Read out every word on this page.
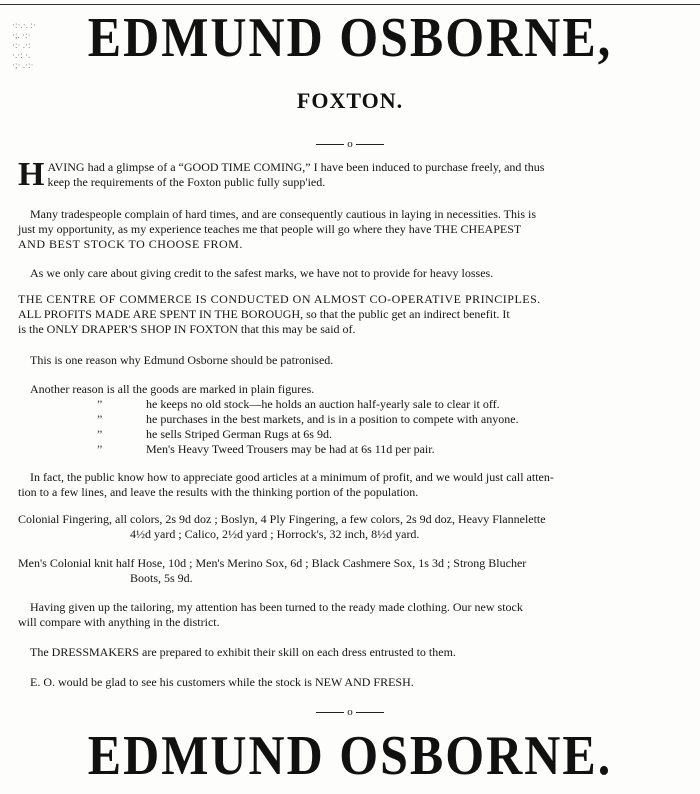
·:·.·. :·
·;. ·:·
·:· .·:
·.·: ·.
·;· .·:·	EDMUND OSBORNE,
FOXTON.
o
H AVING had a glimpse of a “GOOD TIME COMING,” I have been induced to purchase freely, and thus
keep the requirements of the Foxton public fully supp'ied.
Many tradespeople complain of hard times, and are consequently cautious in laying in necessities. This is
just my opportunity, as my experience teaches me that people will go where they have THE CHEAPEST
AND BEST STOCK TO CHOOSE FROM.
As we only care about giving credit to the safest marks, we have not to provide for heavy losses.
THE CENTRE OF COMMERCE IS CONDUCTED ON ALMOST CO-OPERATIVE PRINCIPLES.
ALL PROFITS MADE ARE SPENT IN THE BOROUGH, so that the public get an indirect benefit. It
is the ONLY DRAPER'S SHOP IN FOXTON that this may be said of.
This is one reason why Edmund Osborne should be patronised.
Another reason is all the goods are marked in plain figures.
”	he keeps no old stock—he holds an auction half-yearly sale to clear it off.
”	he purchases in the best markets, and is in a position to compete with anyone.
”	he sells Striped German Rugs at 6s 9d.
”	Men's Heavy Tweed Trousers may be had at 6s 11d per pair.
In fact, the public know how to appreciate good articles at a minimum of profit, and we would just call atten-
tion to a few lines, and leave the results with the thinking portion of the population.
Colonial Fingering, all colors, 2s 9d doz ; Boslyn, 4 Ply Fingering, a few colors, 2s 9d doz, Heavy Flannelette
4½d yard ; Calico, 2½d yard ; Horrock's, 32 inch, 8½d yard.
Men's Colonial knit half Hose, 10d ; Men's Merino Sox, 6d ; Black Cashmere Sox, 1s 3d ; Strong Blucher
Boots, 5s 9d.
Having given up the tailoring, my attention has been turned to the ready made clothing. Our new stock
will compare with anything in the district.
The DRESSMAKERS are prepared to exhibit their skill on each dress entrusted to them.
E. O. would be glad to see his customers while the stock is NEW AND FRESH.
o
EDMUND OSBORNE.
